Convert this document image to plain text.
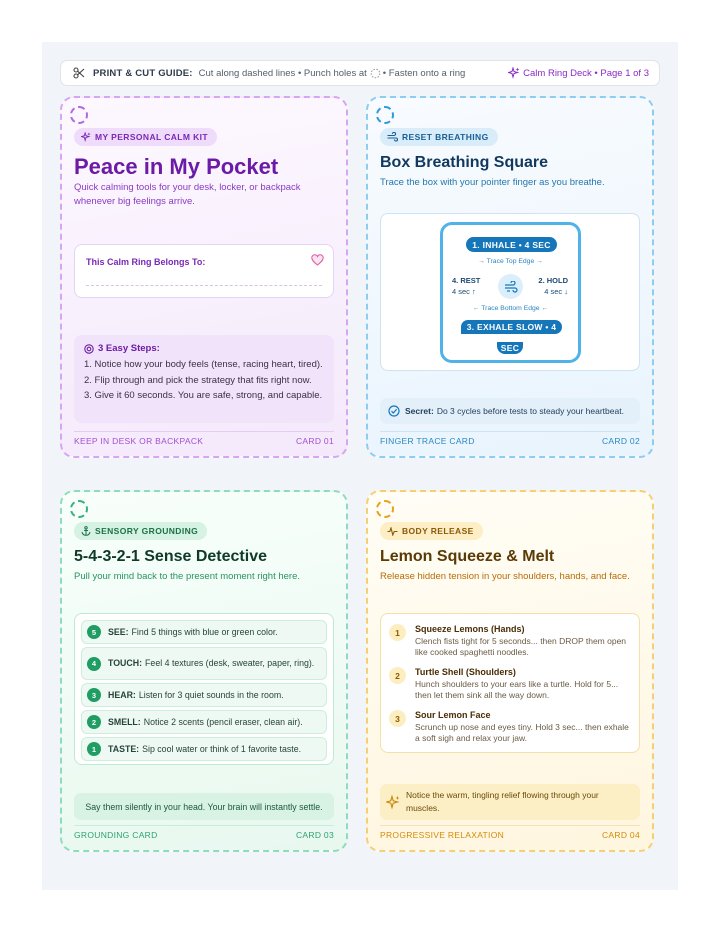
PRINT & CUT GUIDE: Cut along dashed lines • Punch holes at • Fasten onto a ring	Calm Ring Deck • Page 1 of 3
MY PERSONAL CALM KIT
Peace in My Pocket
Quick calming tools for your desk, locker, or backpack whenever big feelings arrive.
This Calm Ring Belongs To:
3 Easy Steps:
1. Notice how your body feels (tense, racing heart, tired).
2. Flip through and pick the strategy that fits right now.
3. Give it 60 seconds. You are safe, strong, and capable.
KEEP IN DESK OR BACKPACK	CARD 01
RESET BREATHING
Box Breathing Square
Trace the box with your pointer finger as you breathe.
1. INHALE • 4 SEC
→ Trace Top Edge →
4. REST
4 sec ↑
2. HOLD
4 sec ↓
← Trace Bottom Edge ←
3. EXHALE SLOW • 4
SEC
Secret: Do 3 cycles before tests to steady your heartbeat.
FINGER TRACE CARD	CARD 02
SENSORY GROUNDING
5-4-3-2-1 Sense Detective
Pull your mind back to the present moment right here.
5	SEE: Find 5 things with blue or green color.
4	TOUCH: Feel 4 textures (desk, sweater, paper, ring).
3	HEAR: Listen for 3 quiet sounds in the room.
2	SMELL: Notice 2 scents (pencil eraser, clean air).
1	TASTE: Sip cool water or think of 1 favorite taste.
Say them silently in your head. Your brain will instantly settle.
GROUNDING CARD	CARD 03
BODY RELEASE
Lemon Squeeze & Melt
Release hidden tension in your shoulders, hands, and face.
1	Squeeze Lemons (Hands)
Clench fists tight for 5 seconds... then DROP them open like cooked spaghetti noodles.
2	Turtle Shell (Shoulders)
Hunch shoulders to your ears like a turtle. Hold for 5... then let them sink all the way down.
3	Sour Lemon Face
Scrunch up nose and eyes tiny. Hold 3 sec... then exhale a soft sigh and relax your jaw.
Notice the warm, tingling relief flowing through your muscles.
PROGRESSIVE RELAXATION	CARD 04
